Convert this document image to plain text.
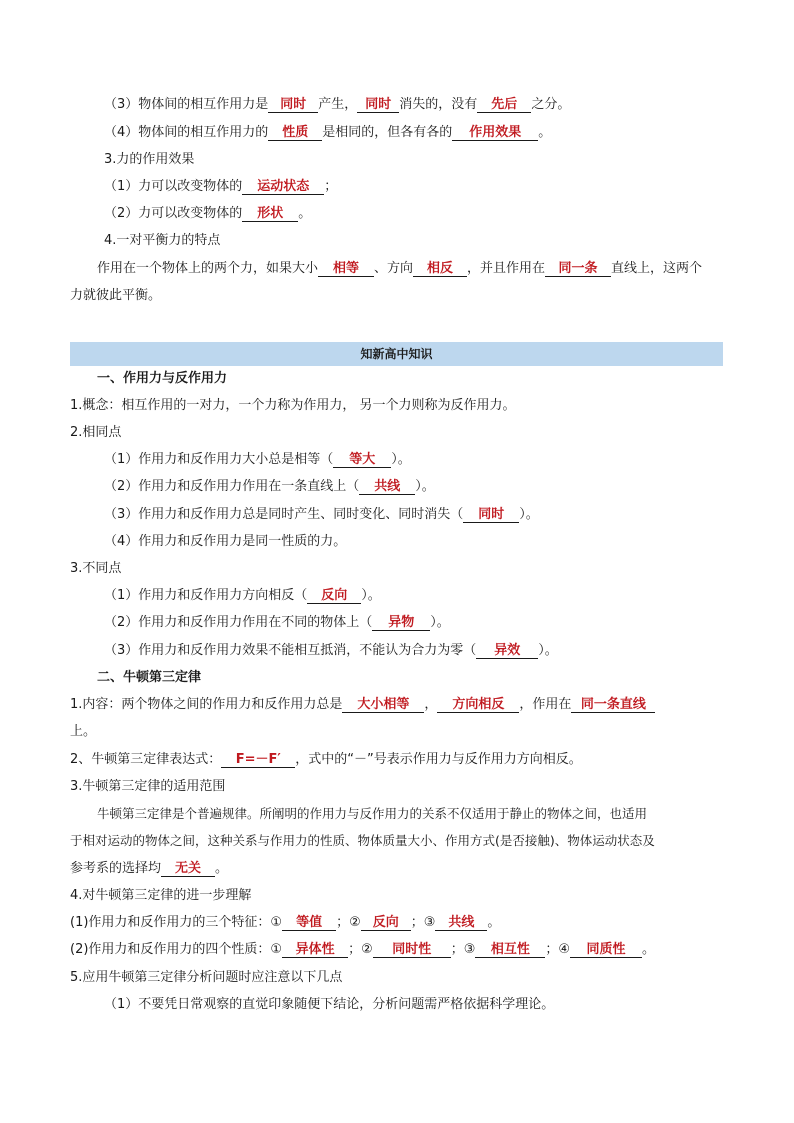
（3）物体间的相互作用力是 同时 产生， 同时 消失的，没有 先后 之分。
（4）物体间的相互作用力的 性质 是相同的，但各有各的 作用效果 。
3.力的作用效果
（1）力可以改变物体的 运动状态 ；
（2）力可以改变物体的 形状 。
4.一对平衡力的特点
作用在一个物体上的两个力，如果大小 相等 、方向 相反 ，并且作用在 同一条 直线上，这两个
力就彼此平衡。
知新高中知识
一、作用力与反作用力
1.概念：相互作用的一对力，一个力称为作用力， 另一个力则称为反作用力。
2.相同点
（1）作用力和反作用力大小总是相等（ 等大 ）。
（2）作用力和反作用力作用在一条直线上（ 共线 ）。
（3）作用力和反作用力总是同时产生、同时变化、同时消失（ 同时 ）。
（4）作用力和反作用力是同一性质的力。
3.不同点
（1）作用力和反作用力方向相反（ 反向 ）。
（2）作用力和反作用力作用在不同的物体上（ 异物 ）。
（3）作用力和反作用力效果不能相互抵消，不能认为合力为零（ 异效 ）。
二、牛顿第三定律
1.内容：两个物体之间的作用力和反作用力总是 大小相等 ， 方向相反 ，作用在 同一条直线
上。
2、牛顿第三定律表达式： F=－F′ ，式中的“－”号表示作用力与反作用力方向相反。
3.牛顿第三定律的适用范围
牛顿第三定律是个普遍规律。所阐明的作用力与反作用力的关系不仅适用于静止的物体之间，也适用
于相对运动的物体之间，这种关系与作用力的性质、物体质量大小、作用方式(是否接触)、物体运动状态及
参考系的选择均 无关 。
4.对牛顿第三定律的进一步理解
(1)作用力和反作用力的三个特征：① 等值 ；② 反向 ；③ 共线 。
(2)作用力和反作用力的四个性质：① 异体性 ；② 同时性 ；③ 相互性 ；④ 同质性 。
5.应用牛顿第三定律分析问题时应注意以下几点
（1）不要凭日常观察的直觉印象随便下结论，分析问题需严格依据科学理论。
